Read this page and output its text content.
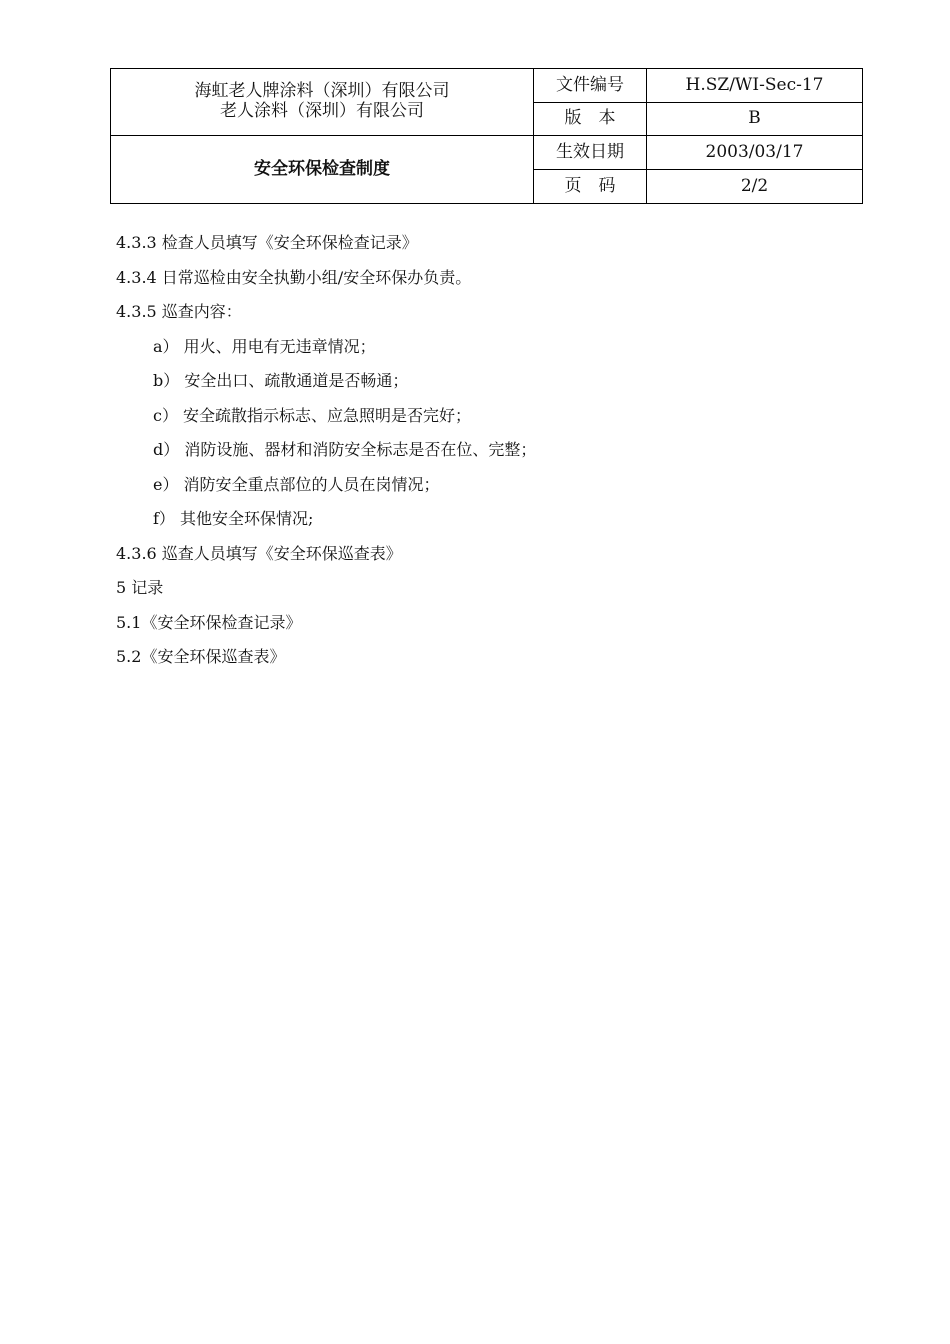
海虹老人牌涂料（深圳）有限公司
老人涂料（深圳）有限公司	文件编号	H.SZ/WI-Sec-17
	版　本	B
安全环保检查制度	生效日期	2003/03/17
	页　码	2/2
4.3.3 检查人员填写《安全环保检查记录》
4.3.4 日常巡检由安全执勤小组/安全环保办负责。
4.3.5 巡查内容：
a） 用火、用电有无违章情况；
b） 安全出口、疏散通道是否畅通；
c） 安全疏散指示标志、应急照明是否完好；
d） 消防设施、器材和消防安全标志是否在位、完整；
e） 消防安全重点部位的人员在岗情况；
f） 其他安全环保情况;
4.3.6 巡查人员填写《安全环保巡查表》
5 记录
5.1《安全环保检查记录》
5.2《安全环保巡查表》
